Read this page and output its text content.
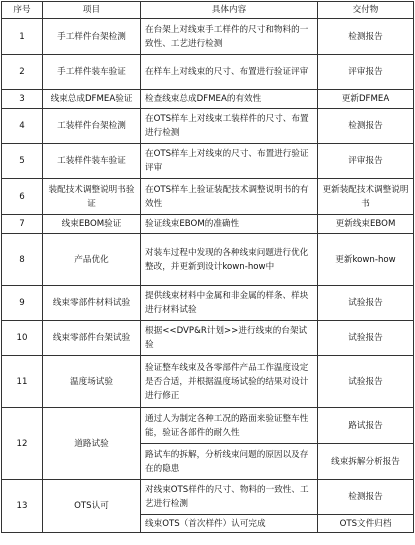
序号	项目	具体内容	交付物
1	手工样件台架检测	在台架上对线束手工样件的尺寸和物料的一致性、工艺进行检测	检测报告
2	手工样件装车验证	在样车上对线束的尺寸、布置进行验证评审	评审报告
3	线束总成DFMEA验证	检查线束总成DFMEA的有效性	更新DFMEA
4	工装样件台架检测	在OTS样车上对线束工装样件的尺寸、布置进行检测	检测报告
5	工装样件装车验证	在OTS样车上对线束的尺寸、布置进行验证评审	评审报告
6	装配技术调整说明书验证	在OTS样车上验证装配技术调整说明书的有效性	更新装配技术调整说明书
7	线束EBOM验证	验证线束EBOM的准确性	更新线束EBOM
8	产品优化	对装车过程中发现的各种线束问题进行优化整改，并更新到设计kown-how中	更新kown-how
9	线束零部件材料试验	提供线束材料中金属和非金属的样条、样块进行材料试验	试验报告
10	线束零部件台架试验	根据<<DVP&R计划>>进行线束的台架试验	试验报告
11	温度场试验	验证整车线束及各零部件产品工作温度设定是否合适，并根据温度场试验的结果对设计进行修正	试验报告
12	道路试验	通过人为制定各种工况的路面来验证整车性能，验证各部件的耐久性	路试报告
		路试车的拆解，分析线束问题的原因以及存在的隐患	线束拆解分析报告
13	OTS认可	对线束OTS样件的尺寸、物料的一致性、工艺进行检测	检测报告
		线束OTS（首次样件）认可完成	OTS文件归档
